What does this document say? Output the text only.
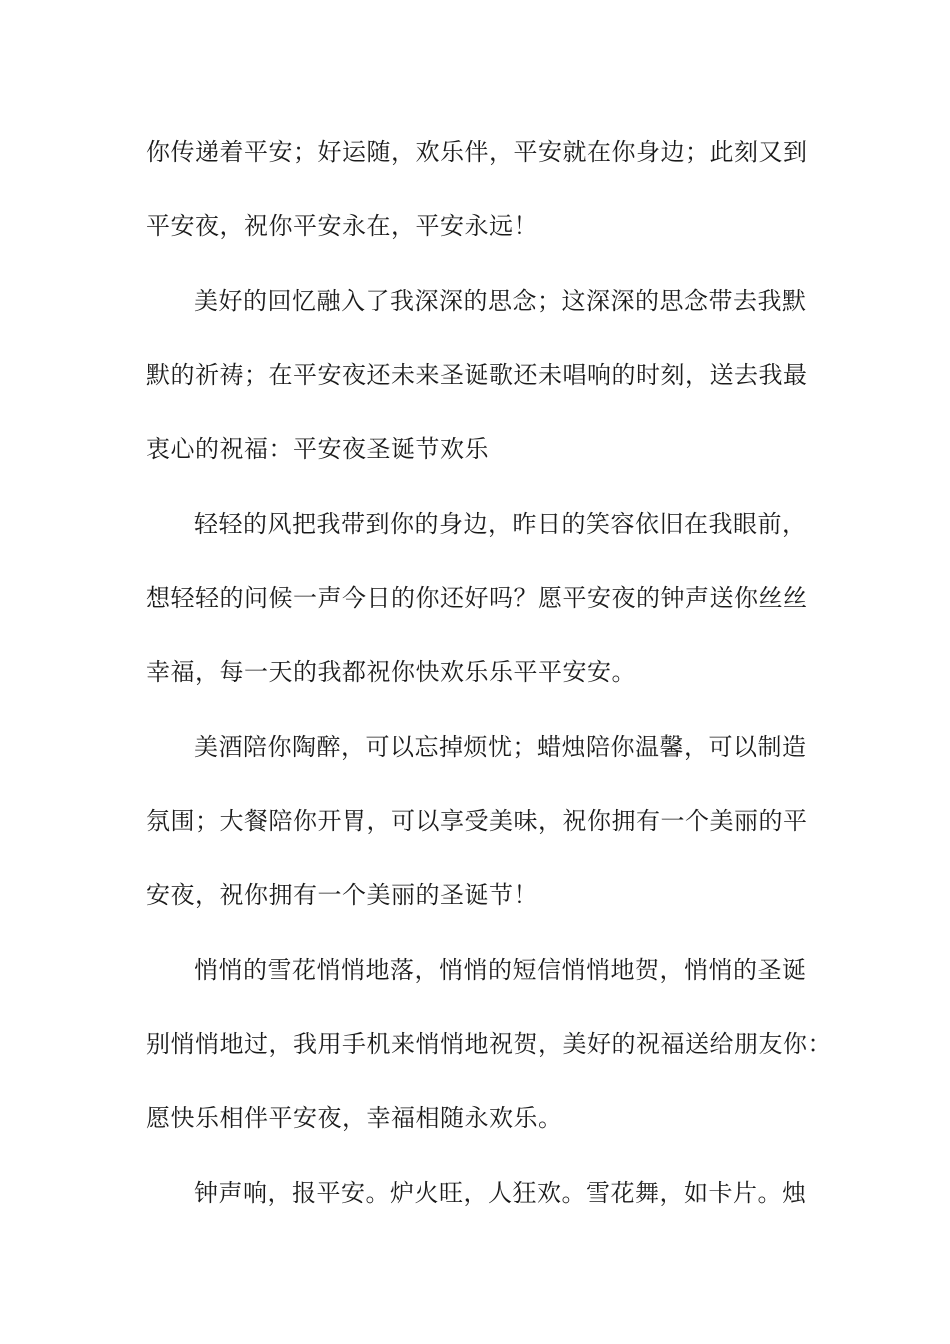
你传递着平安；好运随，欢乐伴，平安就在你身边；此刻又到
平安夜，祝你平安永在，平安永远！
美好的回忆融入了我深深的思念；这深深的思念带去我默
默的祈祷；在平安夜还未来圣诞歌还未唱响的时刻，送去我最
衷心的祝福：平安夜圣诞节欢乐
轻轻的风把我带到你的身边，昨日的笑容依旧在我眼前，
想轻轻的问候一声今日的你还好吗？愿平安夜的钟声送你丝丝
幸福，每一天的我都祝你快欢乐乐平平安安。
美酒陪你陶醉，可以忘掉烦忧；蜡烛陪你温馨，可以制造
氛围；大餐陪你开胃，可以享受美味，祝你拥有一个美丽的平
安夜，祝你拥有一个美丽的圣诞节！
悄悄的雪花悄悄地落，悄悄的短信悄悄地贺，悄悄的圣诞
别悄悄地过，我用手机来悄悄地祝贺，美好的祝福送给朋友你：
愿快乐相伴平安夜，幸福相随永欢乐。
钟声响，报平安。炉火旺，人狂欢。雪花舞，如卡片。烛
